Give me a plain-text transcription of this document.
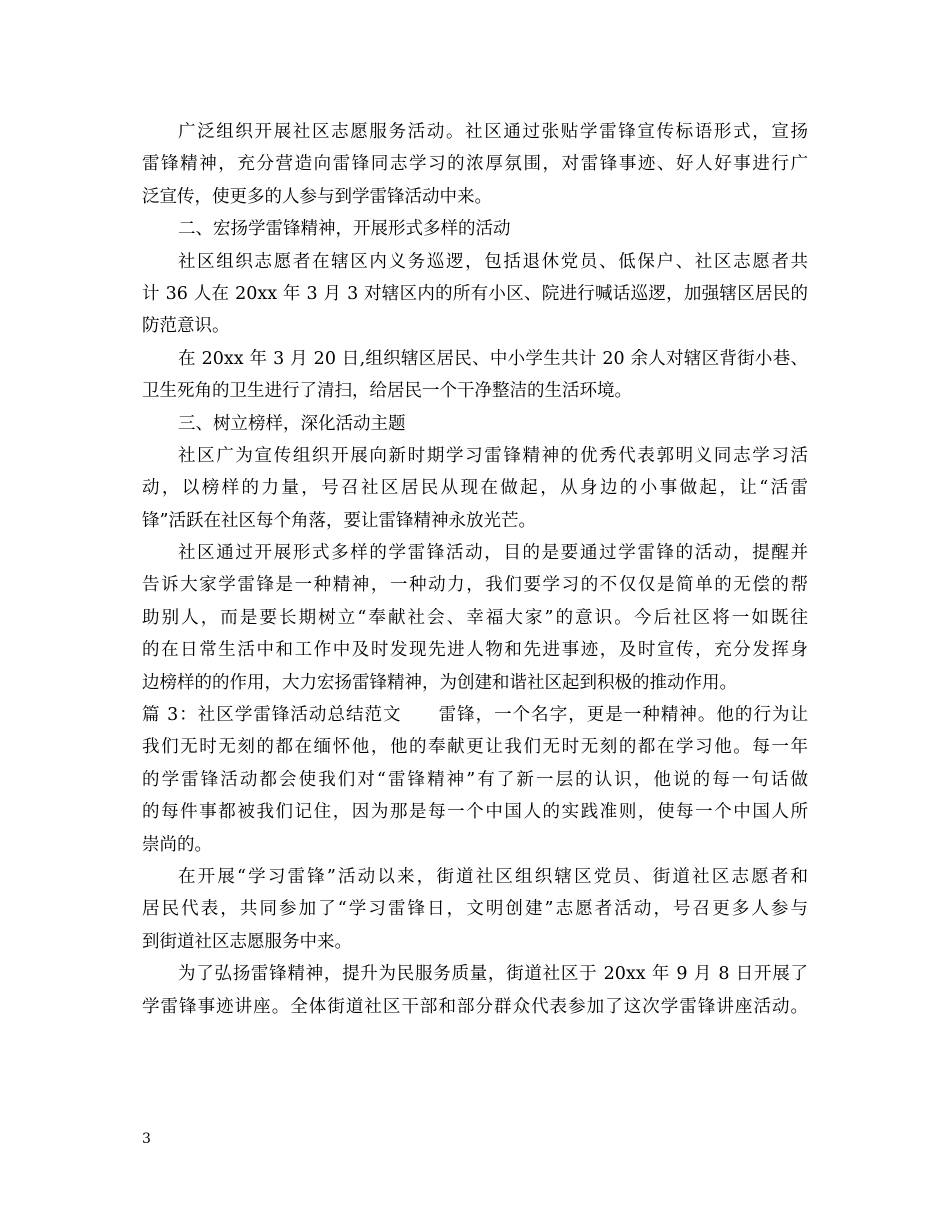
广泛组织开展社区志愿服务活动。社区通过张贴学雷锋宣传标语形式，宣扬
雷锋精神，充分营造向雷锋同志学习的浓厚氛围，对雷锋事迹、好人好事进行广
泛宣传，使更多的人参与到学雷锋活动中来。
二、宏扬学雷锋精神，开展形式多样的活动
社区组织志愿者在辖区内义务巡逻，包括退休党员、低保户、社区志愿者共
计 36 人在 20xx 年 3 月 3 对辖区内的所有小区、院进行喊话巡逻，加强辖区居民的
防范意识。
在 20xx 年 3 月 20 日,组织辖区居民、中小学生共计 20 余人对辖区背街小巷、
卫生死角的卫生进行了清扫，给居民一个干净整洁的生活环境。
三、树立榜样，深化活动主题
社区广为宣传组织开展向新时期学习雷锋精神的优秀代表郭明义同志学习活
动，以榜样的力量，号召社区居民从现在做起，从身边的小事做起，让“活雷
锋”活跃在社区每个角落，要让雷锋精神永放光芒。
社区通过开展形式多样的学雷锋活动，目的是要通过学雷锋的活动，提醒并
告诉大家学雷锋是一种精神，一种动力，我们要学习的不仅仅是简单的无偿的帮
助别人，而是要长期树立“奉献社会、幸福大家”的意识。今后社区将一如既往
的在日常生活中和工作中及时发现先进人物和先进事迹，及时宣传，充分发挥身
边榜样的的作用，大力宏扬雷锋精神，为创建和谐社区起到积极的推动作用。
篇 3：社区学雷锋活动总结范文　　雷锋，一个名字，更是一种精神。他的行为让
我们无时无刻的都在缅怀他，他的奉献更让我们无时无刻的都在学习他。每一年
的学雷锋活动都会使我们对“雷锋精神”有了新一层的认识，他说的每一句话做
的每件事都被我们记住，因为那是每一个中国人的实践准则，使每一个中国人所
崇尚的。
在开展“学习雷锋”活动以来，街道社区组织辖区党员、街道社区志愿者和
居民代表，共同参加了“学习雷锋日，文明创建”志愿者活动，号召更多人参与
到街道社区志愿服务中来。
为了弘扬雷锋精神，提升为民服务质量，街道社区于 20xx 年 9 月 8 日开展了
学雷锋事迹讲座。全体街道社区干部和部分群众代表参加了这次学雷锋讲座活动。
3
